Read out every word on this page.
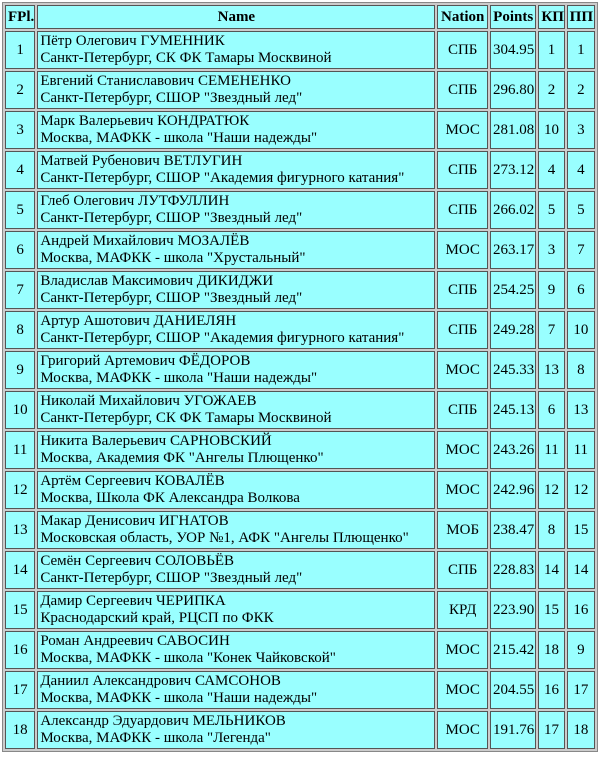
FPl.	Name	Nation	Points	КП	ПП
1	Пётр Олегович ГУМЕННИК
Санкт-Петербург, СК ФК Тамары Москвиной	СПБ	304.95	1	1
2	Евгений Станиславович СЕМЕНЕНКО
Санкт-Петербург, СШОР "Звездный лед"	СПБ	296.80	2	2
3	Марк Валерьевич КОНДРАТЮК
Москва, МАФКК - школа "Наши надежды"	МОС	281.08	10	3
4	Матвей Рубенович ВЕТЛУГИН
Санкт-Петербург, СШОР "Академия фигурного катания"	СПБ	273.12	4	4
5	Глеб Олегович ЛУТФУЛЛИН
Санкт-Петербург, СШОР "Звездный лед"	СПБ	266.02	5	5
6	Андрей Михайлович МОЗАЛЁВ
Москва, МАФКК - школа "Хрустальный"	МОС	263.17	3	7
7	Владислав Максимович ДИКИДЖИ
Санкт-Петербург, СШОР "Звездный лед"	СПБ	254.25	9	6
8	Артур Ашотович ДАНИЕЛЯН
Санкт-Петербург, СШОР "Академия фигурного катания"	СПБ	249.28	7	10
9	Григорий Артемович ФЁДОРОВ
Москва, МАФКК - школа "Наши надежды"	МОС	245.33	13	8
10	Николай Михайлович УГОЖАЕВ
Санкт-Петербург, СК ФК Тамары Москвиной	СПБ	245.13	6	13
11	Никита Валерьевич САРНОВСКИЙ
Москва, Академия ФК "Ангелы Плющенко"	МОС	243.26	11	11
12	Артём Сергеевич КОВАЛЁВ
Москва, Школа ФК Александра Волкова	МОС	242.96	12	12
13	Макар Денисович ИГНАТОВ
Московская область, УОР №1, АФК "Ангелы Плющенко"	МОБ	238.47	8	15
14	Семён Сергеевич СОЛОВЬЁВ
Санкт-Петербург, СШОР "Звездный лед"	СПБ	228.83	14	14
15	Дамир Сергеевич ЧЕРИПКА
Краснодарский край, РЦСП по ФКК	КРД	223.90	15	16
16	Роман Андреевич САВОСИН
Москва, МАФКК - школа "Конек Чайковской"	МОС	215.42	18	9
17	Даниил Александрович САМСОНОВ
Москва, МАФКК - школа "Наши надежды"	МОС	204.55	16	17
18	Александр Эдуардович МЕЛЬНИКОВ
Москва, МАФКК - школа "Легенда"	МОС	191.76	17	18
